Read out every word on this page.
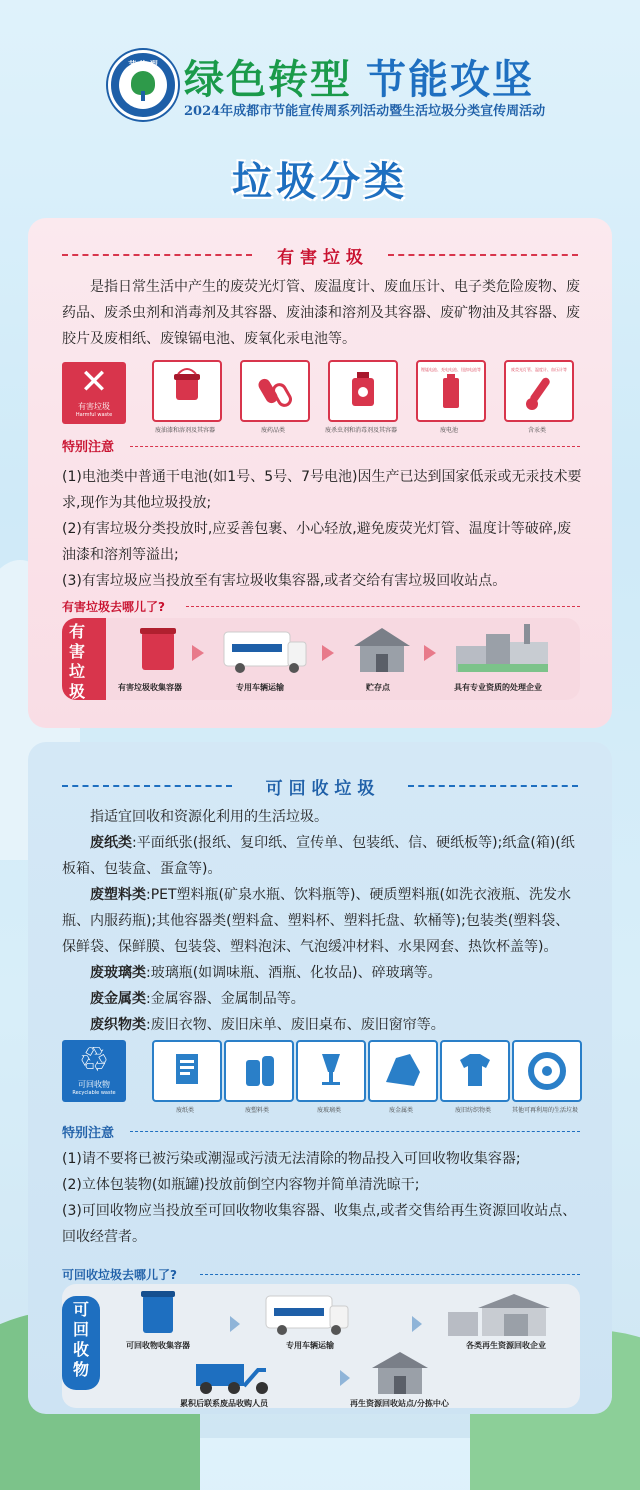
节 约 型 绿色转型 节能攻坚
2024年成都市节能宣传周系列活动暨生活垃圾分类宣传周活动
垃圾分类
有 害 垃 圾

是指日常生活中产生的废荧光灯管、废温度计、废血压计、电子类危险废物、废药品、废杀虫剂和消毒剂及其容器、废油漆和溶剂及其容器、废矿物油及其容器、废胶片及废相纸、废镍镉电池、废氧化汞电池等。

✕
有害垃圾
Harmful waste
锂锰电池、充电电池、钮扣电池等	废荧光灯管、温度计、血压计等
废油漆和溶剂及其容器	废药品类	废杀虫剂和消毒剂及其容器	废电池	含汞类
特别注意

(1)电池类中普通干电池(如1号、5号、7号电池)因生产已达到国家低汞或无汞技术要求,现作为其他垃圾投放;

(2)有害垃圾分类投放时,应妥善包裹、小心轻放,避免废荧光灯管、温度计等破碎,废油漆和溶剂等溢出;

(3)有害垃圾应当投放至有害垃圾收集容器,或者交给有害垃圾回收站点。

有害垃圾去哪儿了?
有害垃圾	有害垃圾收集容器	专用车辆运输	贮存点	具有专业资质的处理企业
可 回 收 垃 圾

指适宜回收和资源化利用的生活垃圾。

废纸类:平面纸张(报纸、复印纸、宣传单、包装纸、信、硬纸板等);纸盒(箱)(纸板箱、包装盒、蛋盒等)。

废塑料类:PET塑料瓶(矿泉水瓶、饮料瓶等)、硬质塑料瓶(如洗衣液瓶、洗发水瓶、内服药瓶);其他容器类(塑料盒、塑料杯、塑料托盘、软桶等);包装类(塑料袋、保鲜袋、保鲜膜、包装袋、塑料泡沫、气泡缓冲材料、水果网套、热饮杯盖等)。

废玻璃类:玻璃瓶(如调味瓶、酒瓶、化妆品)、碎玻璃等。

废金属类:金属容器、金属制品等。

废织物类:废旧衣物、废旧床单、废旧桌布、废旧窗帘等。

♲
可回收物
Recyclable waste
废纸类	废塑料类	废玻璃类	废金属类	废旧纺织物类	其他可再利用的生活垃圾
特别注意

(1)请不要将已被污染或潮湿或污渍无法清除的物品投入可回收物收集容器;

(2)立体包装物(如瓶罐)投放前倒空内容物并简单清洗晾干;

(3)可回收物应当投放至可回收物收集容器、收集点,或者交售给再生资源回收站点、回收经营者。

可回收垃圾去哪儿了?
可回收物
可回收物收集容器	专用车辆运输	各类再生资源回收企业
累积后联系废品收购人员	再生资源回收站点/分拣中心
